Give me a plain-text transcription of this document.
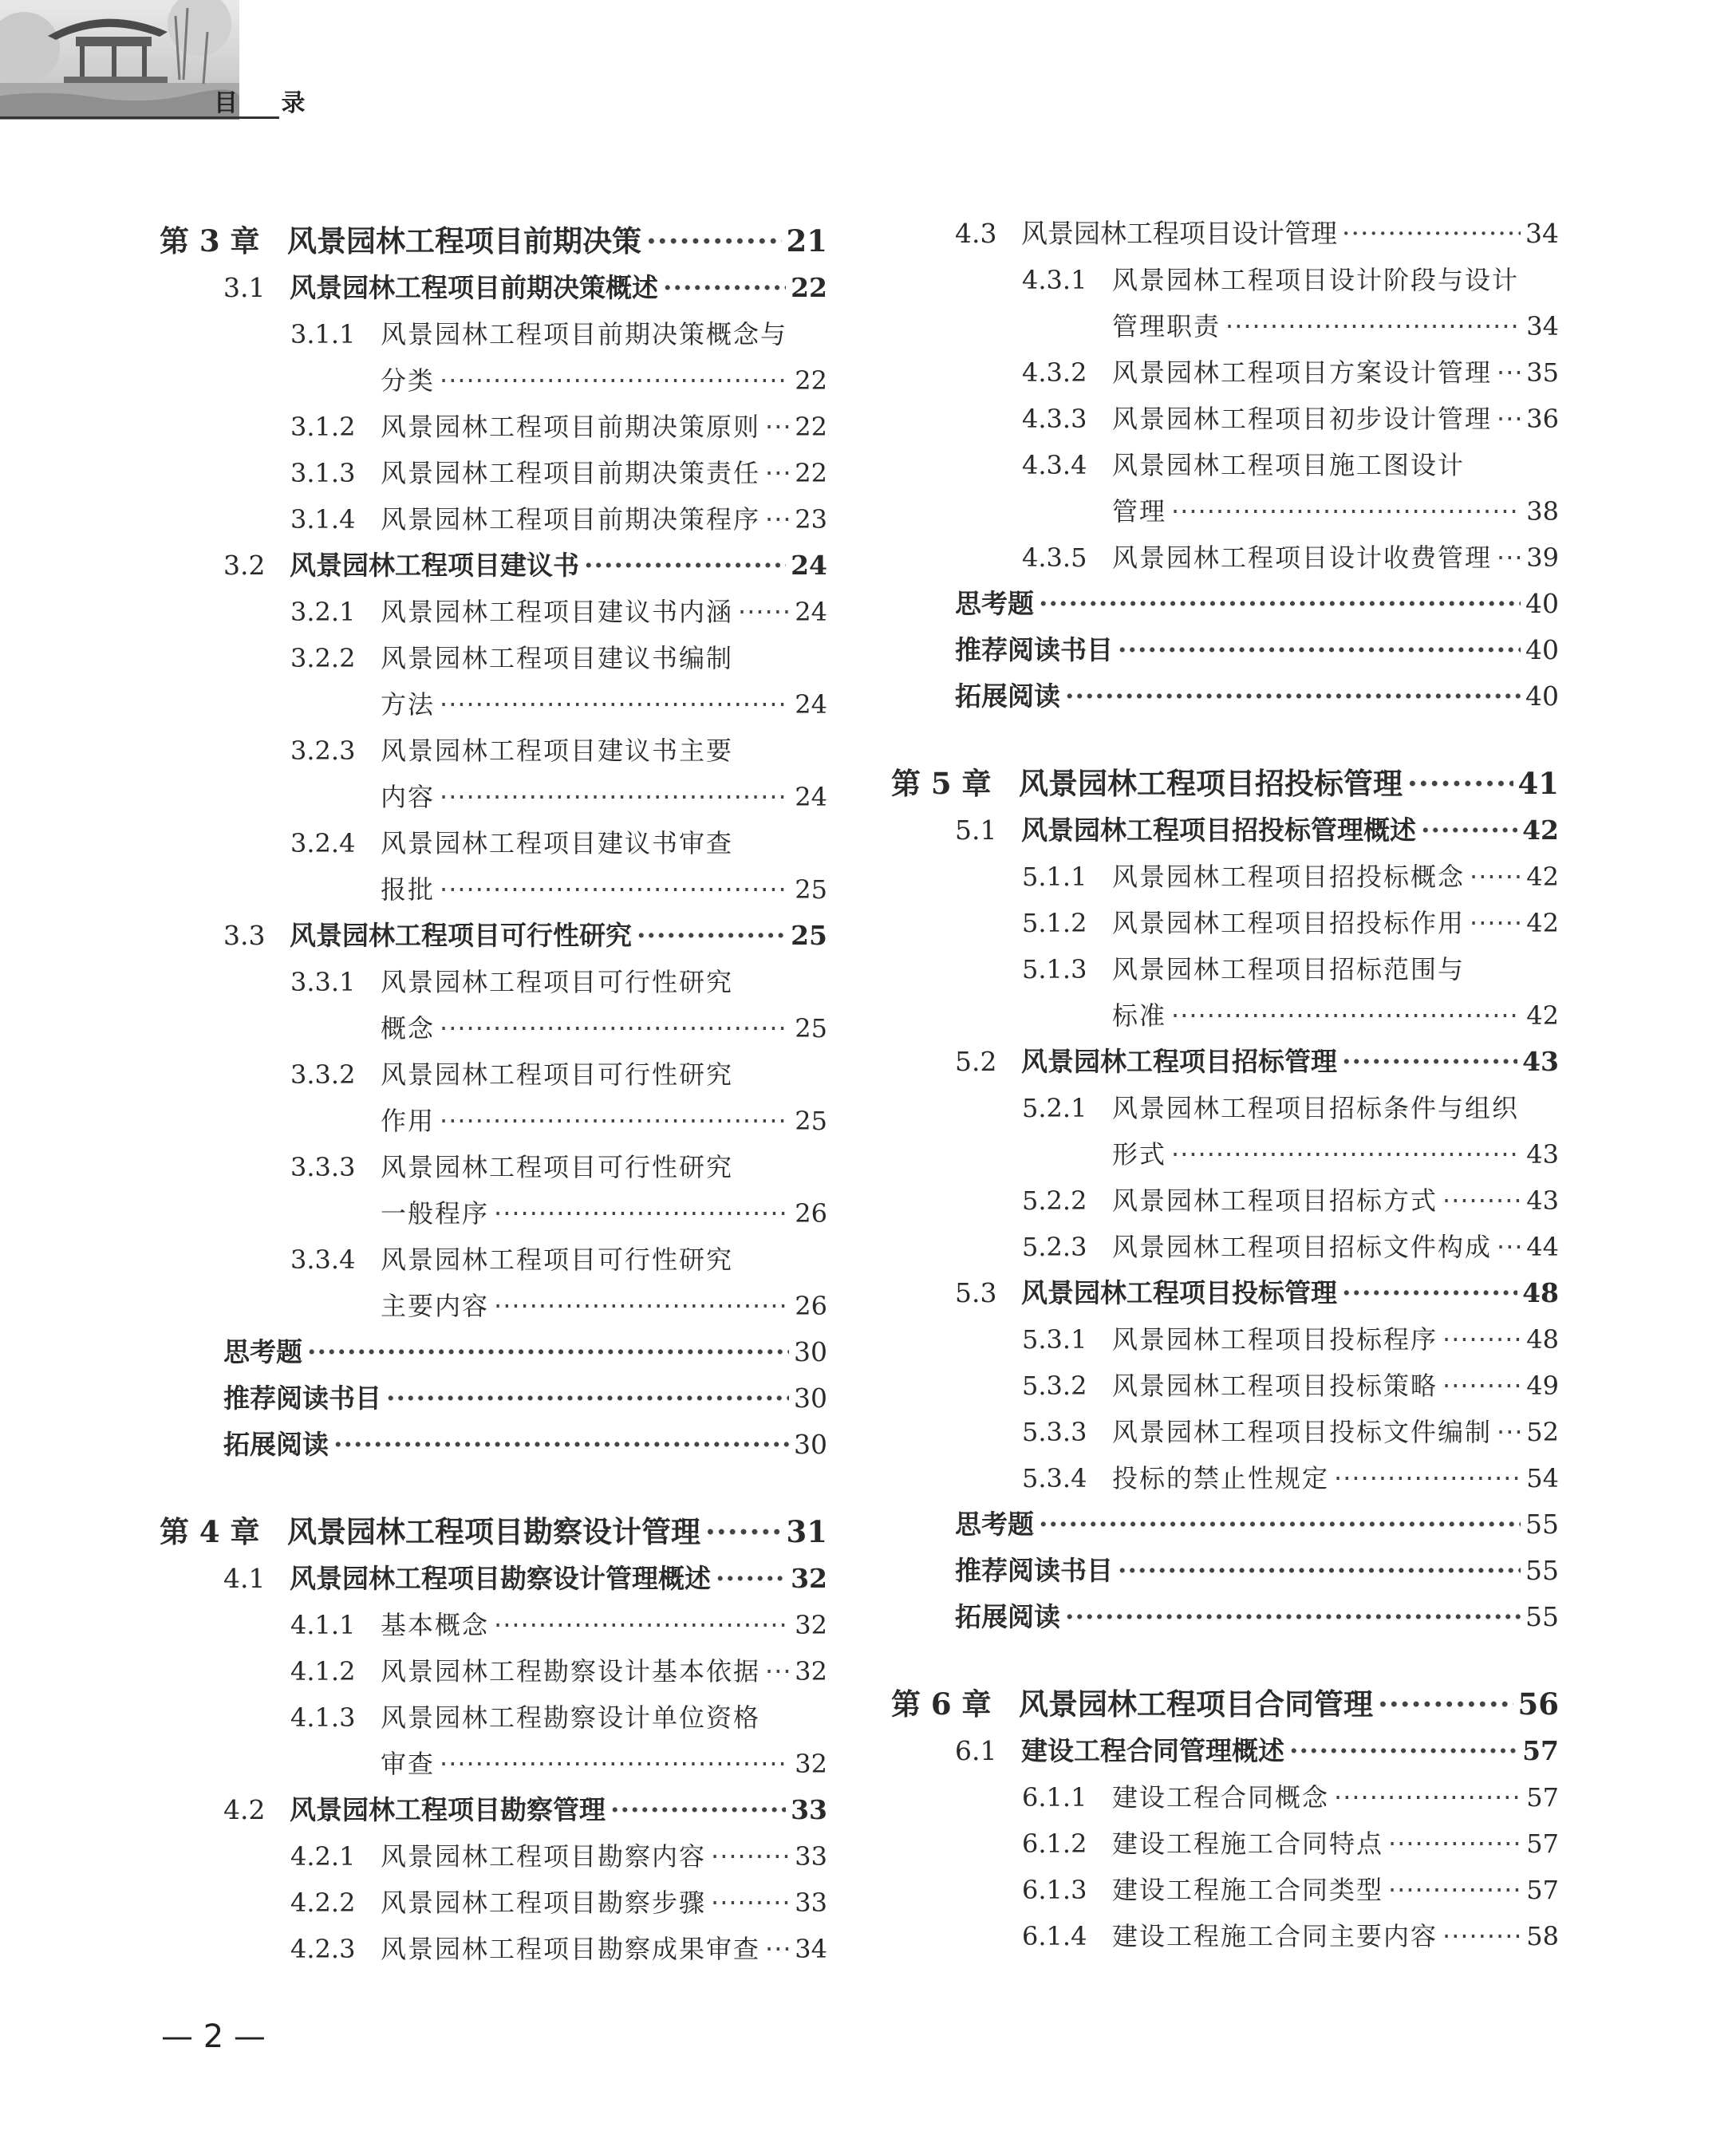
目 录
第 3 章 风景园林工程项目前期决策 ·····	21
3.1 风景园林工程项目前期决策概述 ·····	22
3.1.1 风景园林工程项目前期决策概念与
分类 ·····	22
3.1.2 风景园林工程项目前期决策原则 ····· 22
3.1.3 风景园林工程项目前期决策责任 ····· 22
3.1.4 风景园林工程项目前期决策程序 ····· 23
3.2 风景园林工程项目建议书 ·····	24
3.2.1 风景园林工程项目建议书内涵 ····· 24
3.2.2 风景园林工程项目建议书编制
方法 ·····	24
3.2.3 风景园林工程项目建议书主要
内容 ·····	24
3.2.4 风景园林工程项目建议书审查
报批 ·····	25
3.3 风景园林工程项目可行性研究 ·····	25
3.3.1 风景园林工程项目可行性研究
概念 ·····	25
3.3.2 风景园林工程项目可行性研究
作用 ·····	25
3.3.3 风景园林工程项目可行性研究
一般程序 ·····	26
3.3.4 风景园林工程项目可行性研究
主要内容 ·····	26
思考题 ·····	30
推荐阅读书目 ·····	30
拓展阅读 ·····	30
第 4 章 风景园林工程项目勘察设计管理 ·····	31
4.1 风景园林工程项目勘察设计管理概述 ·····	32
4.1.1 基本概念 ·····	32
4.1.2 风景园林工程勘察设计基本依据 ····· 32
4.1.3 风景园林工程勘察设计单位资格
审查 ·····	32
4.2 风景园林工程项目勘察管理 ·····	33
4.2.1 风景园林工程项目勘察内容 ·····	33
4.2.2 风景园林工程项目勘察步骤 ·····	33
4.2.3 风景园林工程项目勘察成果审查 ····· 34
4.3 风景园林工程项目设计管理 ·····	34
4.3.1 风景园林工程项目设计阶段与设计
管理职责 ·····	34
4.3.2 风景园林工程项目方案设计管理 ····· 35
4.3.3 风景园林工程项目初步设计管理 ····· 36
4.3.4 风景园林工程项目施工图设计
管理 ·····	38
4.3.5 风景园林工程项目设计收费管理 ····· 39
思考题 ·····	40
推荐阅读书目 ·····	40
拓展阅读 ·····	40
第 5 章 风景园林工程项目招投标管理 ·····	41
5.1 风景园林工程项目招投标管理概述 ·····	42
5.1.1 风景园林工程项目招投标概念 ····· 42
5.1.2 风景园林工程项目招投标作用 ····· 42
5.1.3 风景园林工程项目招标范围与
标准 ·····	42
5.2 风景园林工程项目招标管理 ·····	43
5.2.1 风景园林工程项目招标条件与组织
形式 ·····	43
5.2.2 风景园林工程项目招标方式 ·····	43
5.2.3 风景园林工程项目招标文件构成 ····· 44
5.3 风景园林工程项目投标管理 ·····	48
5.3.1 风景园林工程项目投标程序 ·····	48
5.3.2 风景园林工程项目投标策略 ·····	49
5.3.3 风景园林工程项目投标文件编制 ····· 52
5.3.4 投标的禁止性规定 ·····	54
思考题 ·····	55
推荐阅读书目 ·····	55
拓展阅读 ·····	55
第 6 章 风景园林工程项目合同管理 ·····	56
6.1 建设工程合同管理概述 ·····	57
6.1.1 建设工程合同概念 ·····	57
6.1.2 建设工程施工合同特点 ·····	57
6.1.3 建设工程施工合同类型 ·····	57
6.1.4 建设工程施工合同主要内容 ·····	58
— 2 —
